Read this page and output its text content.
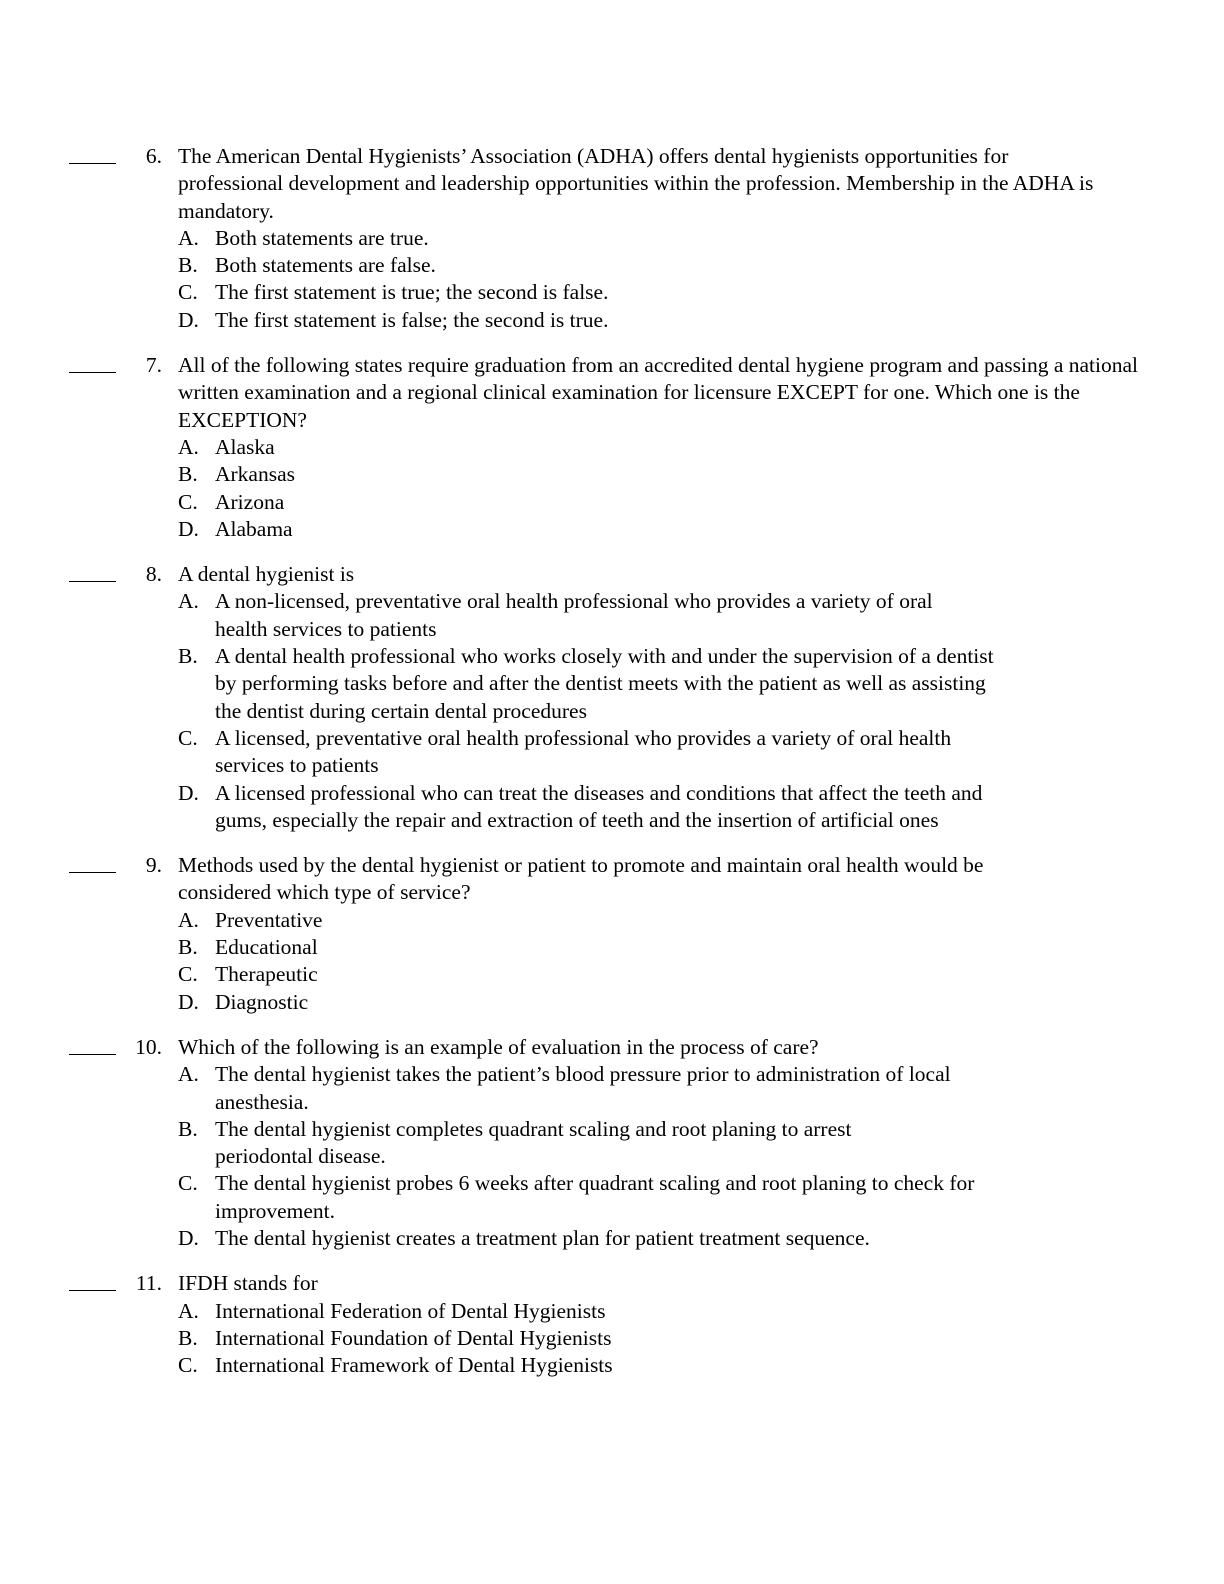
6. The American Dental Hygienists’ Association (ADHA) offers dental hygienists opportunities for professional development and leadership opportunities within the profession. Membership in the ADHA is mandatory.
A. Both statements are true.
B. Both statements are false.
C. The first statement is true; the second is false.
D. The first statement is false; the second is true.
7. All of the following states require graduation from an accredited dental hygiene program and passing a national written examination and a regional clinical examination for licensure EXCEPT for one. Which one is the EXCEPTION?
A. Alaska
B. Arkansas
C. Arizona
D. Alabama
8. A dental hygienist is
A. A non-licensed, preventative oral health professional who provides a variety of oral health services to patients
B. A dental health professional who works closely with and under the supervision of a dentist by performing tasks before and after the dentist meets with the patient as well as assisting the dentist during certain dental procedures
C. A licensed, preventative oral health professional who provides a variety of oral health services to patients
D. A licensed professional who can treat the diseases and conditions that affect the teeth and gums, especially the repair and extraction of teeth and the insertion of artificial ones
9. Methods used by the dental hygienist or patient to promote and maintain oral health would be considered which type of service?
A. Preventative
B. Educational
C. Therapeutic
D. Diagnostic
10. Which of the following is an example of evaluation in the process of care?
A. The dental hygienist takes the patient’s blood pressure prior to administration of local anesthesia.
B. The dental hygienist completes quadrant scaling and root planing to arrest periodontal disease.
C. The dental hygienist probes 6 weeks after quadrant scaling and root planing to check for improvement.
D. The dental hygienist creates a treatment plan for patient treatment sequence.
11. IFDH stands for
A. International Federation of Dental Hygienists
B. International Foundation of Dental Hygienists
C. International Framework of Dental Hygienists
